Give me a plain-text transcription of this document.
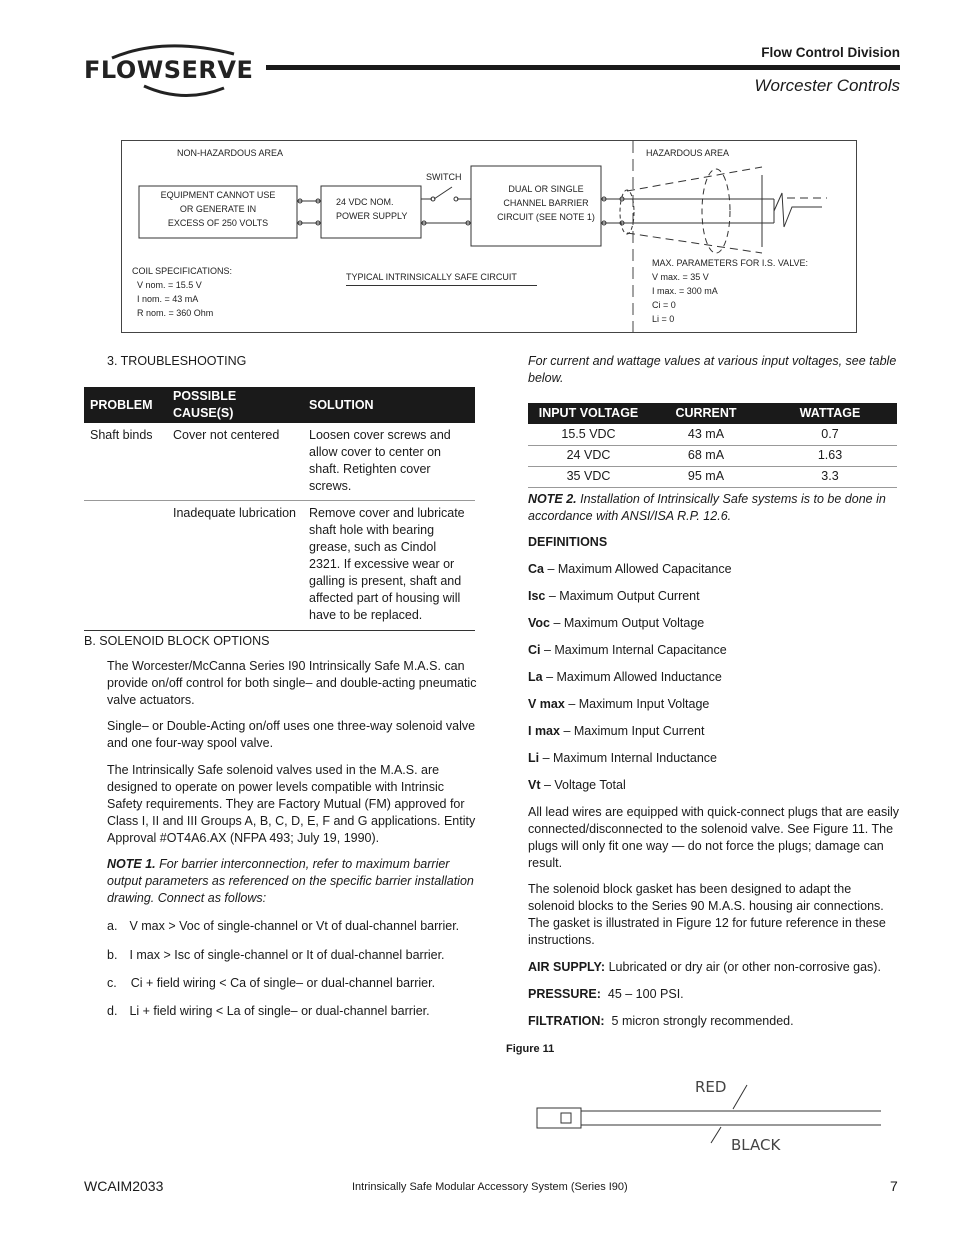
FLOWSERVE
Flow Control Division
Worcester Controls
NON-HAZARDOUS AREA	HAZARDOUS AREA
SWITCH
EQUIPMENT CANNOT USE
OR GENERATE IN
EXCESS OF 250 VOLTS
24 VDC NOM.
POWER SUPPLY
DUAL OR SINGLE
CHANNEL BARRIER
CIRCUIT (SEE NOTE 1)
TYPICAL INTRINSICALLY SAFE CIRCUIT
COIL SPECIFICATIONS:
V nom. = 15.5 V
I nom. = 43 mA
R nom. = 360 Ohm
MAX. PARAMETERS FOR I.S. VALVE:
V max. = 35 V
I max. = 300 mA
Ci = 0
Li = 0
3. TROUBLESHOOTING
PROBLEM	POSSIBLE CAUSE(S)	SOLUTION
Shaft binds	Cover not centered	Loosen cover screws and allow cover to center on shaft. Retighten cover screws.
	Inadequate lubrication	Remove cover and lubricate shaft hole with bearing grease, such as Cindol 2321. If excessive wear or galling is present, shaft and affected part of housing will have to be replaced.
B. SOLENOID BLOCK OPTIONS
The Worcester/McCanna Series I90 Intrinsically Safe M.A.S. can provide on/off control for both single– and double-acting pneumatic valve actuators.
Single– or Double-Acting on/off uses one three-way solenoid valve and one four-way spool valve.
The Intrinsically Safe solenoid valves used in the M.A.S. are designed to operate on power levels compatible with Intrinsic Safety requirements. They are Factory Mutual (FM) approved for Class I, II and III Groups A, B, C, D, E, F and G applications. Entity Approval #OT4A6.AX (NFPA 493; July 19, 1990).
NOTE 1. For barrier interconnection, refer to maximum barrier output parameters as referenced on the specific barrier installation drawing. Connect as follows:
a. V max > Voc of single-channel or Vt of dual-channel barrier.
b. I max > Isc of single-channel or It of dual-channel barrier.
c. Ci + field wiring < Ca of single– or dual-channel barrier.
d. Li + field wiring < La of single– or dual-channel barrier.
For current and wattage values at various input voltages, see table below.
INPUT VOLTAGE	CURRENT	WATTAGE
15.5 VDC	43 mA	0.7
24 VDC	68 mA	1.63
35 VDC	95 mA	3.3
NOTE 2. Installation of Intrinsically Safe systems is to be done in accordance with ANSI/ISA R.P. 12.6.
DEFINITIONS
Ca – Maximum Allowed Capacitance
Isc – Maximum Output Current
Voc – Maximum Output Voltage
Ci – Maximum Internal Capacitance
La – Maximum Allowed Inductance
V max – Maximum Input Voltage
I max – Maximum Input Current
Li – Maximum Internal Inductance
Vt – Voltage Total
All lead wires are equipped with quick-connect plugs that are easily connected/disconnected to the solenoid valve. See Figure 11. The plugs will only fit one way — do not force the plugs; damage can result.
The solenoid block gasket has been designed to adapt the solenoid blocks to the Series 90 M.A.S. housing air connections. The gasket is illustrated in Figure 12 for future reference in these instructions.
AIR SUPPLY: Lubricated or dry air (or other non-corrosive gas).
PRESSURE:  45 – 100 PSI.
FILTRATION:  5 micron strongly recommended.
Figure 11
RED
BLACK
WCAIM2033	Intrinsically Safe Modular Accessory System (Series I90)	7
